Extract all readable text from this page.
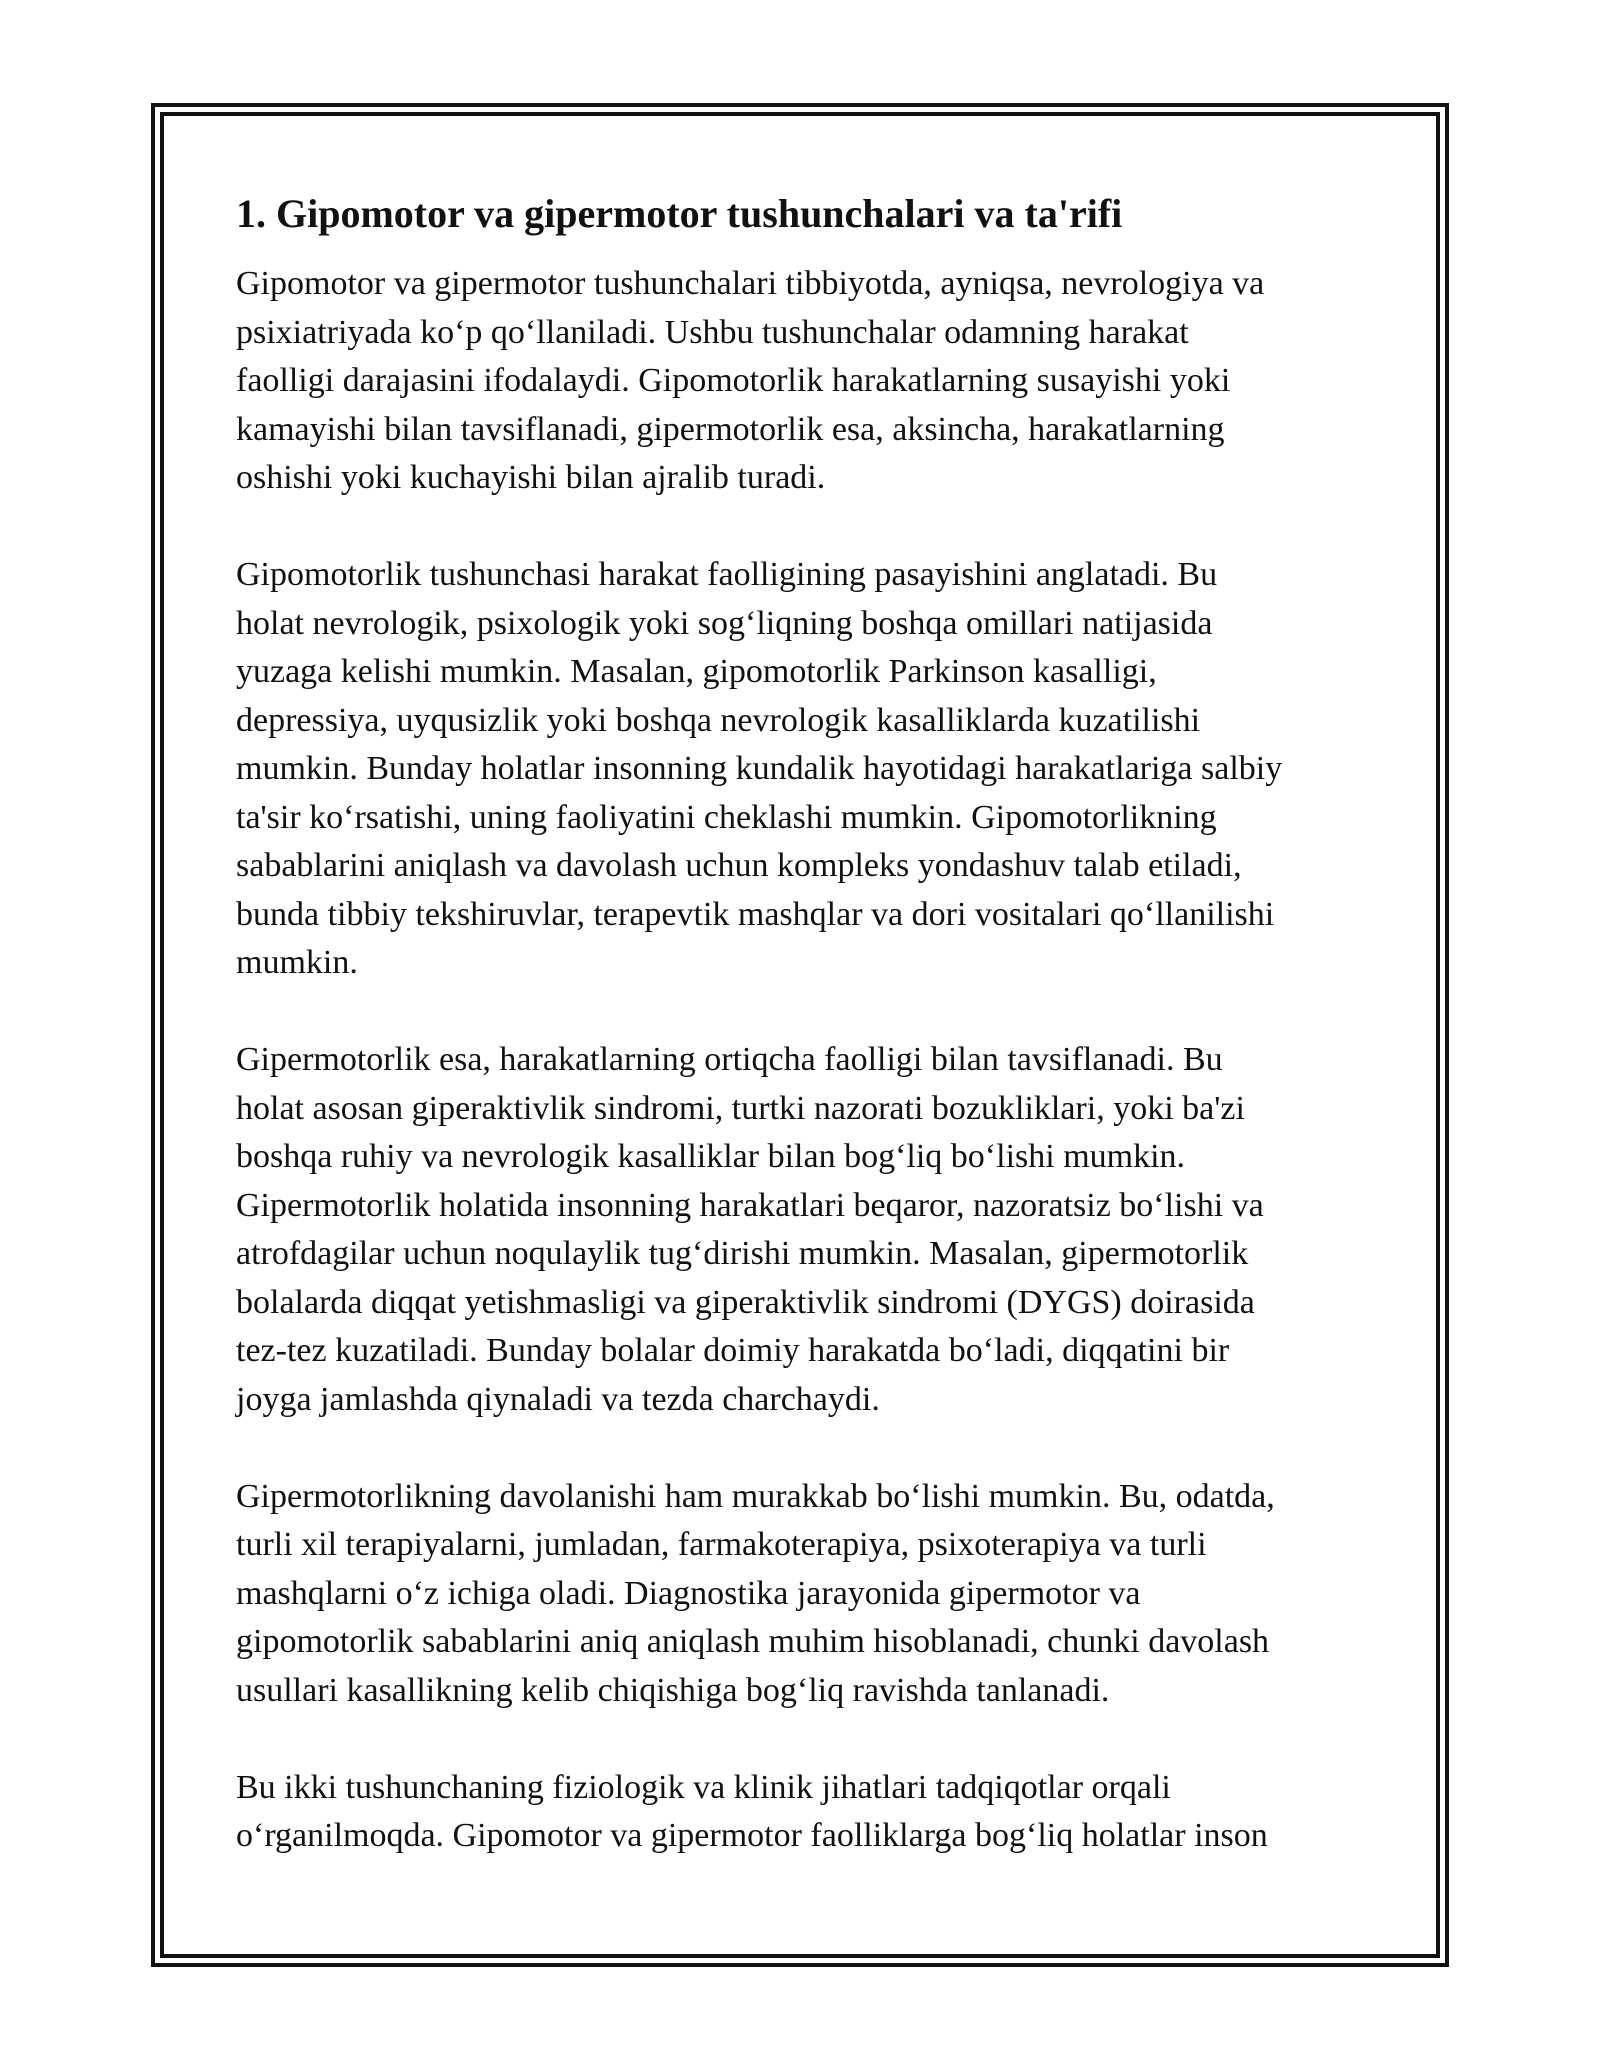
1. Gipomotor va gipermotor tushunchalari va ta'rifi
Gipomotor va gipermotor tushunchalari tibbiyotda, ayniqsa, nevrologiya va
psixiatriyada ko‘p qo‘llaniladi. Ushbu tushunchalar odamning harakat
faolligi darajasini ifodalaydi. Gipomotorlik harakatlarning susayishi yoki
kamayishi bilan tavsiflanadi, gipermotorlik esa, aksincha, harakatlarning
oshishi yoki kuchayishi bilan ajralib turadi.
Gipomotorlik tushunchasi harakat faolligining pasayishini anglatadi. Bu
holat nevrologik, psixologik yoki sog‘liqning boshqa omillari natijasida
yuzaga kelishi mumkin. Masalan, gipomotorlik Parkinson kasalligi,
depressiya, uyqusizlik yoki boshqa nevrologik kasalliklarda kuzatilishi
mumkin. Bunday holatlar insonning kundalik hayotidagi harakatlariga salbiy
ta'sir ko‘rsatishi, uning faoliyatini cheklashi mumkin. Gipomotorlikning
sabablarini aniqlash va davolash uchun kompleks yondashuv talab etiladi,
bunda tibbiy tekshiruvlar, terapevtik mashqlar va dori vositalari qo‘llanilishi
mumkin.
Gipermotorlik esa, harakatlarning ortiqcha faolligi bilan tavsiflanadi. Bu
holat asosan giperaktivlik sindromi, turtki nazorati bozukliklari, yoki ba'zi
boshqa ruhiy va nevrologik kasalliklar bilan bog‘liq bo‘lishi mumkin.
Gipermotorlik holatida insonning harakatlari beqaror, nazoratsiz bo‘lishi va
atrofdagilar uchun noqulaylik tug‘dirishi mumkin. Masalan, gipermotorlik
bolalarda diqqat yetishmasligi va giperaktivlik sindromi (DYGS) doirasida
tez-tez kuzatiladi. Bunday bolalar doimiy harakatda bo‘ladi, diqqatini bir
joyga jamlashda qiynaladi va tezda charchaydi.
Gipermotorlikning davolanishi ham murakkab bo‘lishi mumkin. Bu, odatda,
turli xil terapiyalarni, jumladan, farmakoterapiya, psixoterapiya va turli
mashqlarni o‘z ichiga oladi. Diagnostika jarayonida gipermotor va
gipomotorlik sabablarini aniq aniqlash muhim hisoblanadi, chunki davolash
usullari kasallikning kelib chiqishiga bog‘liq ravishda tanlanadi.
Bu ikki tushunchaning fiziologik va klinik jihatlari tadqiqotlar orqali
o‘rganilmoqda. Gipomotor va gipermotor faolliklarga bog‘liq holatlar inson
